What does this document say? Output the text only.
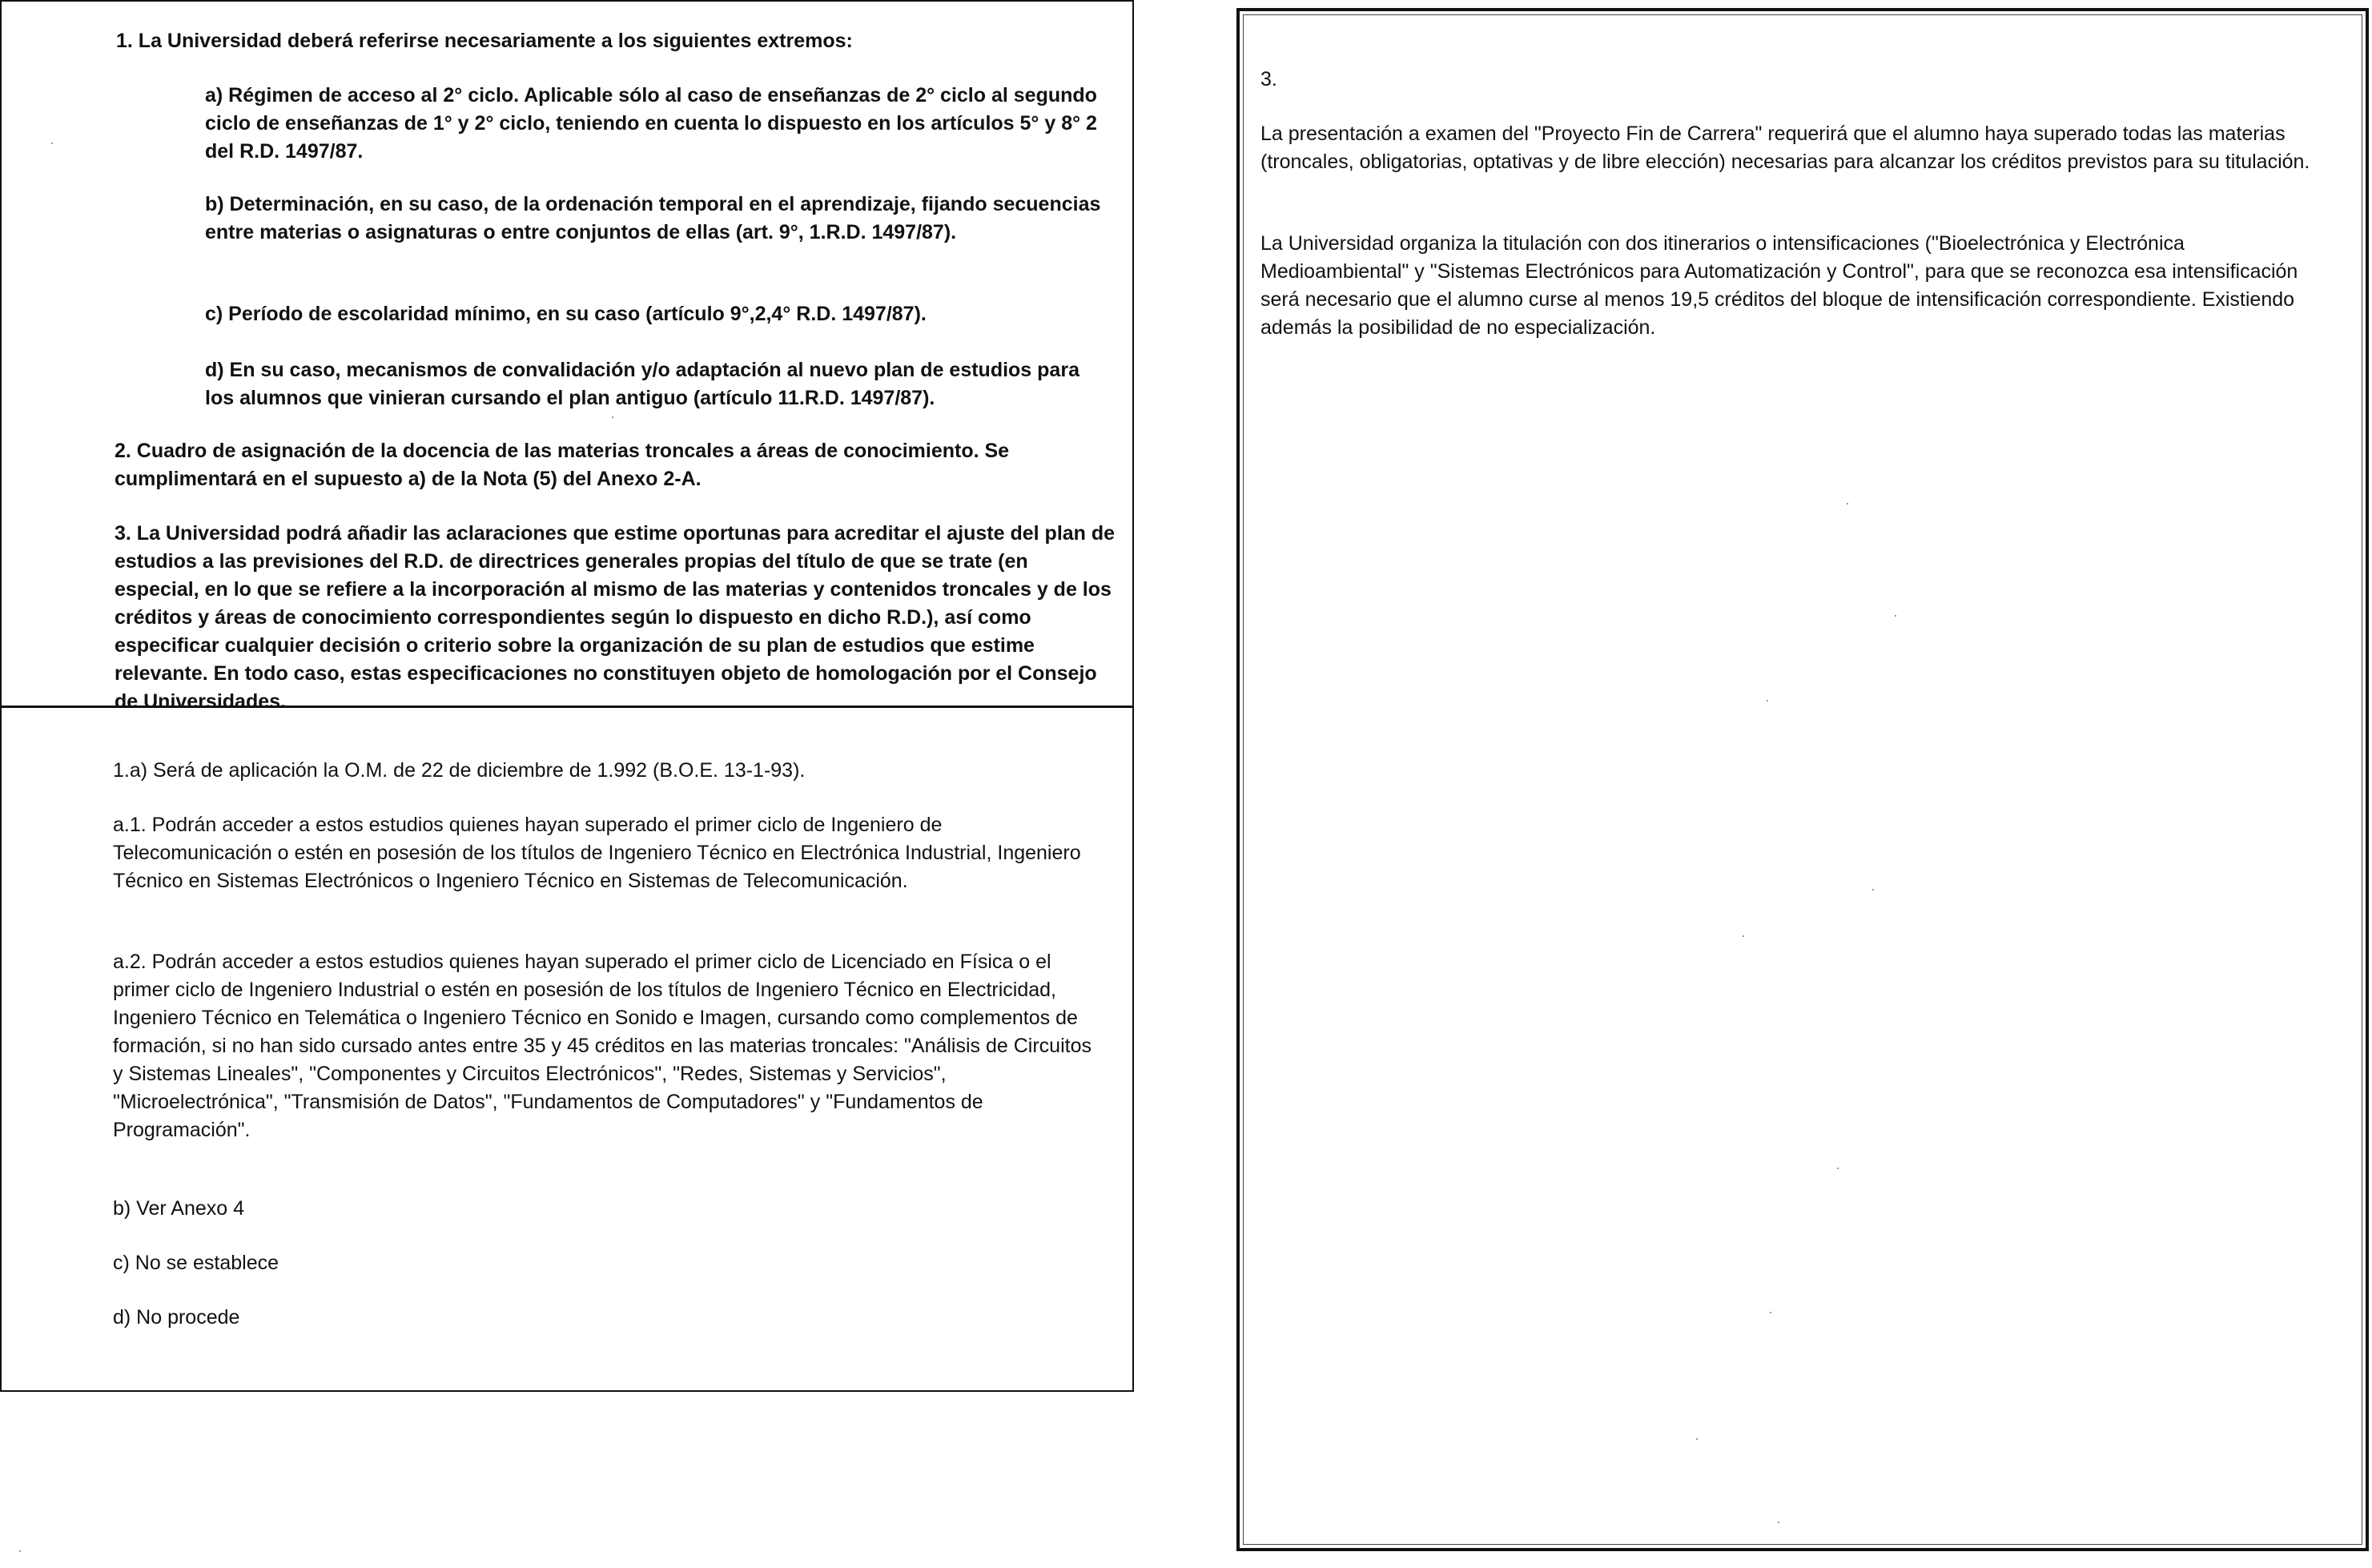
1. La Universidad deberá referirse necesariamente a los siguientes extremos:

a) Régimen de acceso al 2° ciclo. Aplicable sólo al caso de enseñanzas de 2° ciclo al segundo ciclo de enseñanzas de 1° y 2° ciclo, teniendo en cuenta lo dispuesto en los artículos 5° y 8° 2 del R.D. 1497/87.

b) Determinación, en su caso, de la ordenación temporal en el aprendizaje, fijando secuencias entre materias o asignaturas o entre conjuntos de ellas (art. 9°, 1.R.D. 1497/87).

c) Período de escolaridad mínimo, en su caso (artículo 9°,2,4° R.D. 1497/87).

d) En su caso, mecanismos de convalidación y/o adaptación al nuevo plan de estudios para los alumnos que vinieran cursando el plan antiguo (artículo 11.R.D. 1497/87).

2. Cuadro de asignación de la docencia de las materias troncales a áreas de conocimiento. Se cumplimentará en el supuesto a) de la Nota (5) del Anexo 2-A.

3. La Universidad podrá añadir las aclaraciones que estime oportunas para acreditar el ajuste del plan de estudios a las previsiones del R.D. de directrices generales propias del título de que se trate (en especial, en lo que se refiere a la incorporación al mismo de las materias y contenidos troncales y de los créditos y áreas de conocimiento correspondientes según lo dispuesto en dicho R.D.), así como especificar cualquier decisión o criterio sobre la organización de su plan de estudios que estime relevante. En todo caso, estas especificaciones no constituyen objeto de homologación por el Consejo de Universidades.

1.a) Será de aplicación la O.M. de 22 de diciembre de 1.992 (B.O.E. 13-1-93).

a.1. Podrán acceder a estos estudios quienes hayan superado el primer ciclo de Ingeniero de Telecomunicación o estén en posesión de los títulos de Ingeniero Técnico en Electrónica Industrial, Ingeniero Técnico en Sistemas Electrónicos o Ingeniero Técnico en Sistemas de Telecomunicación.

a.2. Podrán acceder a estos estudios quienes hayan superado el primer ciclo de Licenciado en Física o el primer ciclo de Ingeniero Industrial o estén en posesión de los títulos de Ingeniero Técnico en Electricidad, Ingeniero Técnico en Telemática o Ingeniero Técnico en Sonido e Imagen, cursando como complementos de formación, si no han sido cursado antes entre 35 y 45 créditos en las materias troncales: "Análisis de Circuitos y Sistemas Lineales", "Componentes y Circuitos Electrónicos", "Redes, Sistemas y Servicios", "Microelectrónica", "Transmisión de Datos", "Fundamentos de Computadores" y "Fundamentos de Programación".

b) Ver Anexo 4

c) No se establece

d) No procede

3.

La presentación a examen del "Proyecto Fin de Carrera" requerirá que el alumno haya superado todas las materias (troncales, obligatorias, optativas y de libre elección) necesarias para alcanzar los créditos previstos para su titulación.

La Universidad organiza la titulación con dos itinerarios o intensificaciones ("Bioelectrónica y Electrónica Medioambiental" y "Sistemas Electrónicos para Automatización y Control", para que se reconozca esa intensificación será necesario que el alumno curse al menos 19,5 créditos del bloque de intensificación correspondiente. Existiendo además la posibilidad de no especialización.
